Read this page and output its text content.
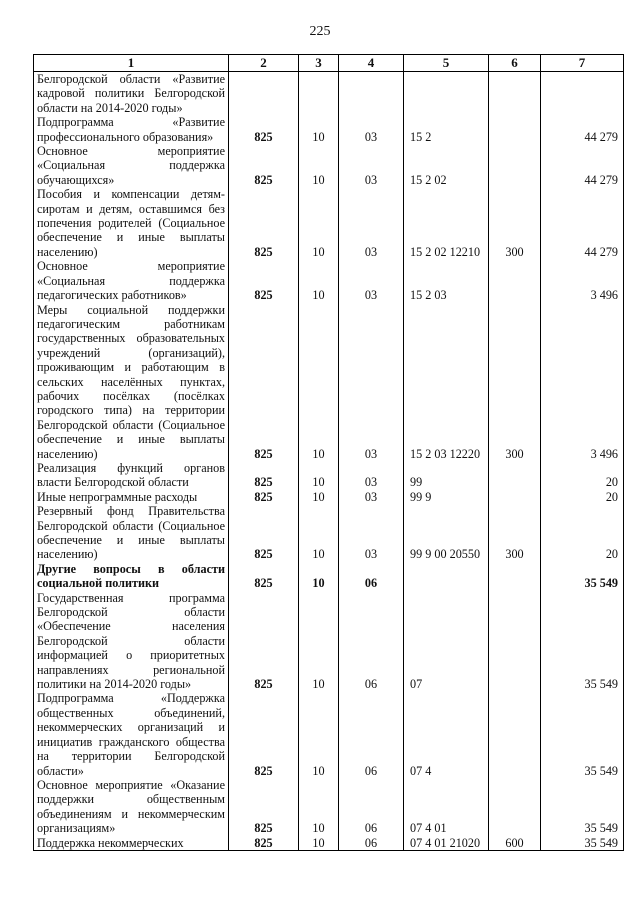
225
1	2	3	4	5	6	7
Белгородской области «Развитие кадровой политики Белгородской области на 2014-2020 годы»						
Подпрограмма «Развитие профессионального образования»	825	10	03	15 2		44 279
Основное мероприятие «Социальная поддержка обучающихся»	825	10	03	15 2 02		44 279
Пособия и компенсации детям-сиротам и детям, оставшимся без попечения родителей (Социальное обеспечение и иные выплаты населению)	825	10	03	15 2 02 12210	300	44 279
Основное мероприятие «Социальная поддержка педагогических работников»	825	10	03	15 2 03		3 496
Меры социальной поддержки педагогическим работникам государственных образовательных учреждений (организаций), проживающим и работающим в сельских населённых пунктах, рабочих посёлках (посёлках городского типа) на территории Белгородской области (Социальное обеспечение и иные выплаты населению)	825	10	03	15 2 03 12220	300	3 496
Реализация функций органов власти Белгородской области	825	10	03	99		20
Иные непрограммные расходы	825	10	03	99 9		20
Резервный фонд Правительства Белгородской области (Социальное обеспечение и иные выплаты населению)	825	10	03	99 9 00 20550	300	20
Другие вопросы в области социальной политики	825	10	06			35 549
Государственная программа Белгородской области «Обеспечение населения Белгородской области информацией о приоритетных направлениях региональной политики на 2014-2020 годы»	825	10	06	07		35 549
Подпрограмма «Поддержка общественных объединений, некоммерческих организаций и инициатив гражданского общества на территории Белгородской области»	825	10	06	07 4		35 549
Основное мероприятие «Оказание поддержки общественным объединениям и некоммерческим организациям»	825	10	06	07 4 01		35 549
Поддержка некоммерческих	825	10	06	07 4 01 21020	600	35 549
